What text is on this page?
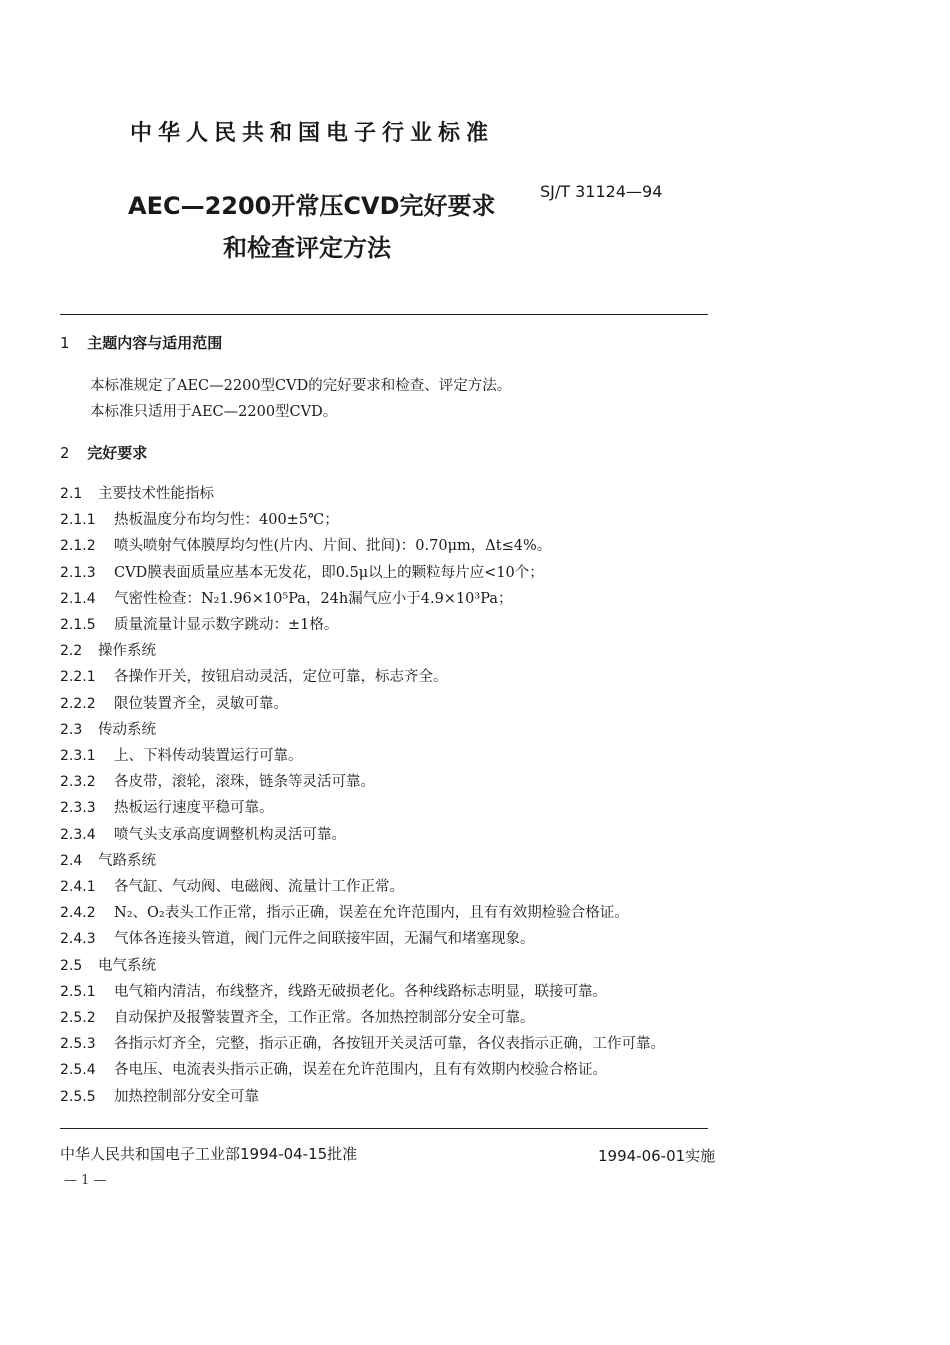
中华人民共和国电子行业标准
AEC—2200开常压CVD完好要求
和检查评定方法
SJ/T 31124—94
1 主题内容与适用范围
本标准规定了AEC—2200型CVD的完好要求和检查、评定方法。
本标准只适用于AEC—2200型CVD。
2 完好要求
2.1 主要技术性能指标
2.1.1 热板温度分布均匀性：400±5℃；
2.1.2 喷头喷射气体膜厚均匀性(片内、片间、批间)：0.70μm，Δt≤4%。
2.1.3 CVD膜表面质量应基本无发花，即0.5μ以上的颗粒每片应<10个；
2.1.4 气密性检查：N₂1.96×10⁵Pa，24h漏气应小于4.9×10³Pa；
2.1.5 质量流量计显示数字跳动：±1格。
2.2 操作系统
2.2.1 各操作开关，按钮启动灵活，定位可靠，标志齐全。
2.2.2 限位装置齐全，灵敏可靠。
2.3 传动系统
2.3.1 上、下料传动装置运行可靠。
2.3.2 各皮带，滚轮，滚珠，链条等灵活可靠。
2.3.3 热板运行速度平稳可靠。
2.3.4 喷气头支承高度调整机构灵活可靠。
2.4 气路系统
2.4.1 各气缸、气动阀、电磁阀、流量计工作正常。
2.4.2 N₂、O₂表头工作正常，指示正确，误差在允许范围内，且有有效期检验合格证。
2.4.3 气体各连接头管道，阀门元件之间联接牢固，无漏气和堵塞现象。
2.5 电气系统
2.5.1 电气箱内清洁，布线整齐，线路无破损老化。各种线路标志明显，联接可靠。
2.5.2 自动保护及报警装置齐全，工作正常。各加热控制部分安全可靠。
2.5.3 各指示灯齐全，完整，指示正确，各按钮开关灵活可靠，各仪表指示正确，工作可靠。
2.5.4 各电压、电流表头指示正确，误差在允许范围内，且有有效期内校验合格证。
2.5.5 加热控制部分安全可靠
中华人民共和国电子工业部1994-04-15批准	1994-06-01实施
— 1 —
